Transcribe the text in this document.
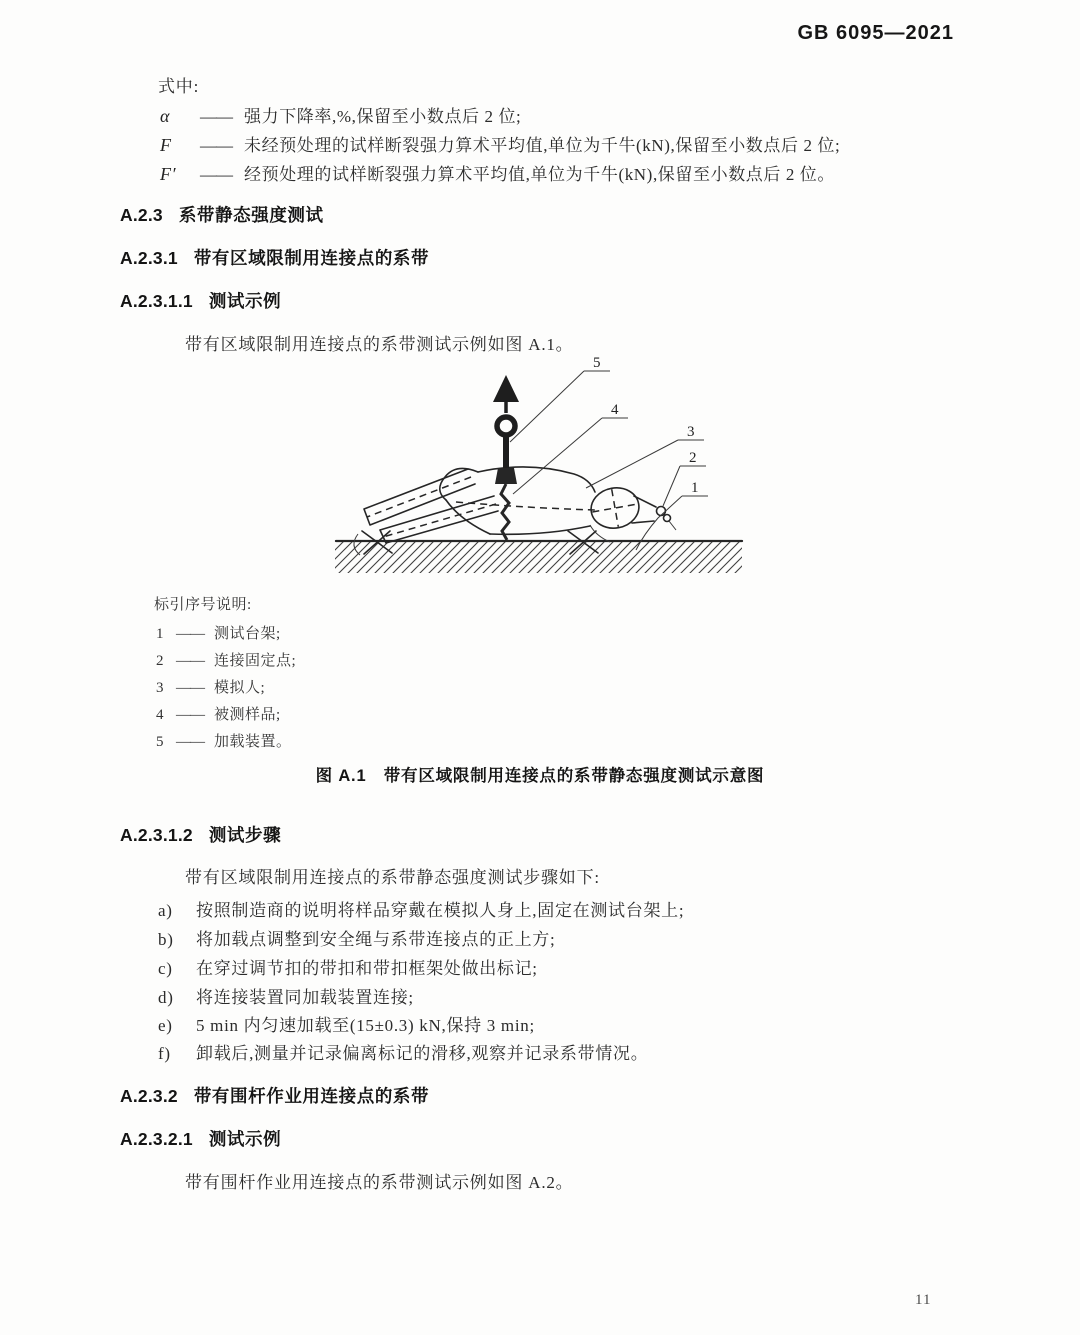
GB 6095—2021
式中:
α	—— 强力下降率,%,保留至小数点后 2 位;
F	—— 未经预处理的试样断裂强力算术平均值,单位为千牛(kN),保留至小数点后 2 位;
F′	—— 经预处理的试样断裂强力算术平均值,单位为千牛(kN),保留至小数点后 2 位。
A.2.3 系带静态强度测试
A.2.3.1 带有区域限制用连接点的系带
A.2.3.1.1 测试示例
带有区域限制用连接点的系带测试示例如图 A.1。
5
4
3
2
1
标引序号说明:
1 —— 测试台架;
2 —— 连接固定点;
3 —— 模拟人;
4 —— 被测样品;
5 —— 加载装置。
图 A.1　带有区域限制用连接点的系带静态强度测试示意图
A.2.3.1.2 测试步骤
带有区域限制用连接点的系带静态强度测试步骤如下:
a)	按照制造商的说明将样品穿戴在模拟人身上,固定在测试台架上;
b)	将加载点调整到安全绳与系带连接点的正上方;
c)	在穿过调节扣的带扣和带扣框架处做出标记;
d)	将连接装置同加载装置连接;
e)	5 min 内匀速加载至(15±0.3) kN,保持 3 min;
f)	卸载后,测量并记录偏离标记的滑移,观察并记录系带情况。
A.2.3.2 带有围杆作业用连接点的系带
A.2.3.2.1 测试示例
带有围杆作业用连接点的系带测试示例如图 A.2。
11
